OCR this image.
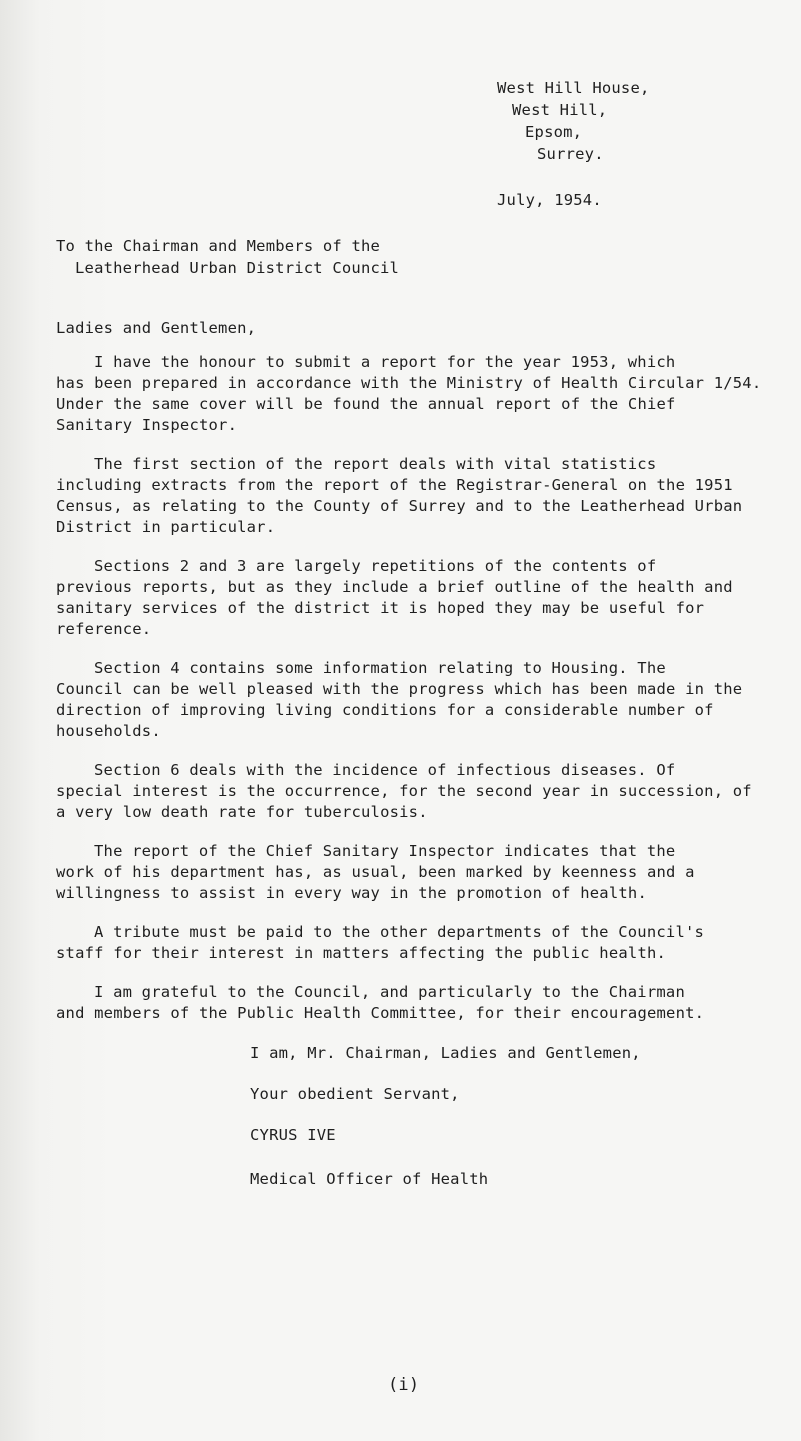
West Hill House,
West Hill,
Epsom,
Surrey.
July, 1954.
To the Chairman and Members of the
Leatherhead Urban District Council
Ladies and Gentlemen,
I have the honour to submit a report for the year 1953, which
has been prepared in accordance with the Ministry of Health Circular 1/54.
Under the same cover will be found the annual report of the Chief
Sanitary Inspector.
The first section of the report deals with vital statistics
including extracts from the report of the Registrar-General on the 1951
Census, as relating to the County of Surrey and to the Leatherhead Urban
District in particular.
Sections 2 and 3 are largely repetitions of the contents of
previous reports, but as they include a brief outline of the health and
sanitary services of the district it is hoped they may be useful for
reference.
Section 4 contains some information relating to Housing. The
Council can be well pleased with the progress which has been made in the
direction of improving living conditions for a considerable number of
households.
Section 6 deals with the incidence of infectious diseases. Of
special interest is the occurrence, for the second year in succession, of
a very low death rate for tuberculosis.
The report of the Chief Sanitary Inspector indicates that the
work of his department has, as usual, been marked by keenness and a
willingness to assist in every way in the promotion of health.
A tribute must be paid to the other departments of the Council's
staff for their interest in matters affecting the public health.
I am grateful to the Council, and particularly to the Chairman
and members of the Public Health Committee, for their encouragement.
I am, Mr. Chairman, Ladies and Gentlemen,
Your obedient Servant,
CYRUS IVE
Medical Officer of Health
(i)
